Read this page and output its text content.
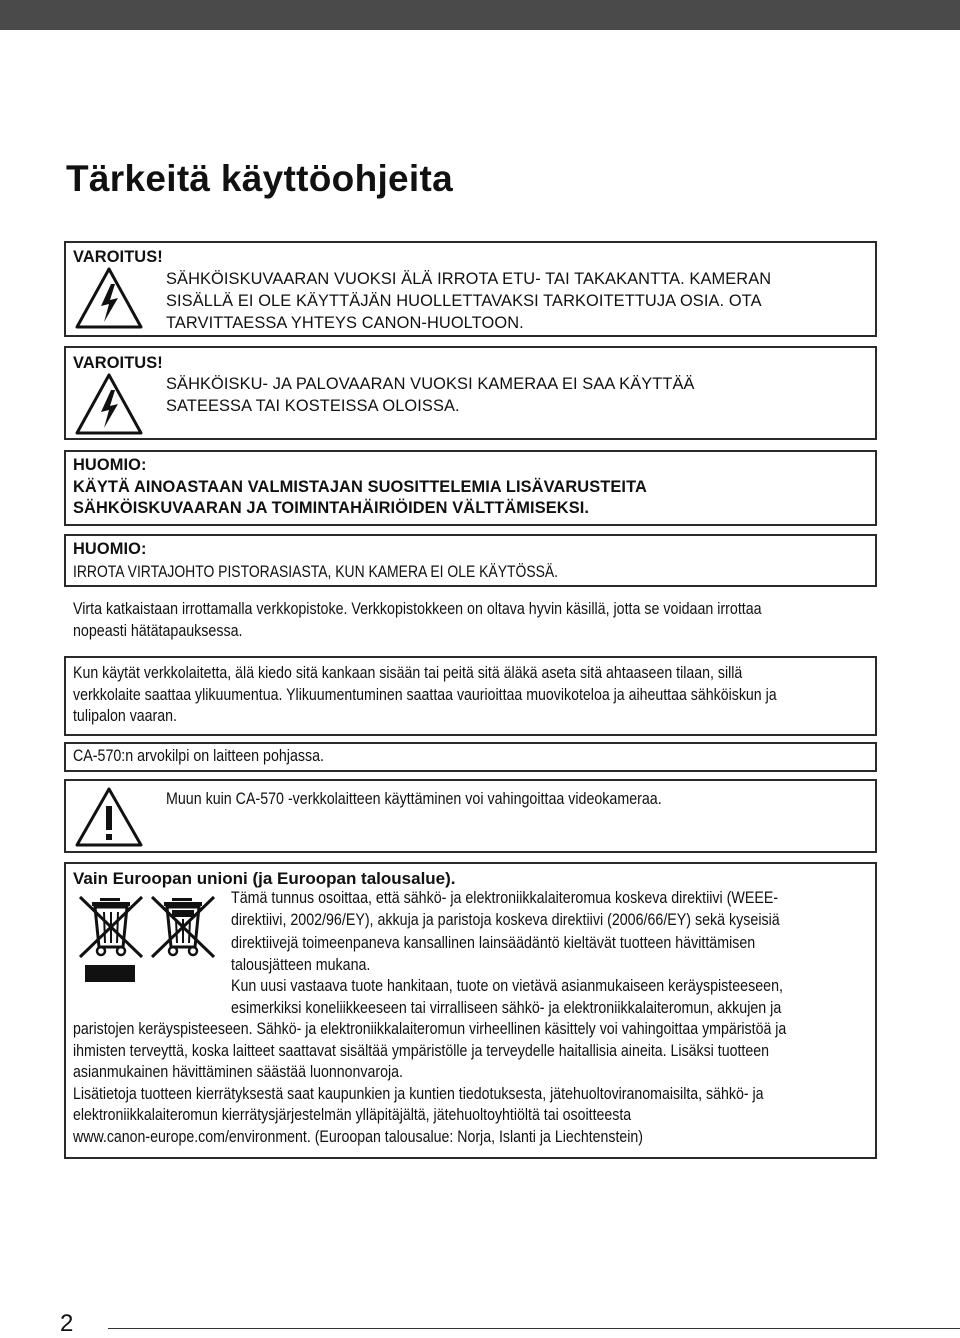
Tärkeitä käyttöohjeita

VAROITUS!

SÄHKÖISKUVAARAN VUOKSI ÄLÄ IRROTA ETU- TAI TAKAKANTTA. KAMERAN

SISÄLLÄ EI OLE KÄYTTÄJÄN HUOLLETTAVAKSI TARKOITETTUJA OSIA. OTA

TARVITTAESSA YHTEYS CANON-HUOLTOON.

VAROITUS!

SÄHKÖISKU- JA PALOVAARAN VUOKSI KAMERAA EI SAA KÄYTTÄÄ

SATEESSA TAI KOSTEISSA OLOISSA.

HUOMIO:

KÄYTÄ AINOASTAAN VALMISTAJAN SUOSITTELEMIA LISÄVARUSTEITA

SÄHKÖISKUVAARAN JA TOIMINTAHÄIRIÖIDEN VÄLTTÄMISEKSI.

HUOMIO:

IRROTA VIRTAJOHTO PISTORASIASTA, KUN KAMERA EI OLE KÄYTÖSSÄ.

Virta katkaistaan irrottamalla verkkopistoke. Verkkopistokkeen on oltava hyvin käsillä, jotta se voidaan irrottaa

nopeasti hätätapauksessa.

Kun käytät verkkolaitetta, älä kiedo sitä kankaan sisään tai peitä sitä äläkä aseta sitä ahtaaseen tilaan, sillä

verkkolaite saattaa ylikuumentua. Ylikuumentuminen saattaa vaurioittaa muovikoteloa ja aiheuttaa sähköiskun ja

tulipalon vaaran.

CA-570:n arvokilpi on laitteen pohjassa.

Muun kuin CA-570 -verkkolaitteen käyttäminen voi vahingoittaa videokameraa.

Vain Euroopan unioni (ja Euroopan talousalue).

Tämä tunnus osoittaa, että sähkö- ja elektroniikkalaiteromua koskeva direktiivi (WEEE-

direktiivi, 2002/96/EY), akkuja ja paristoja koskeva direktiivi (2006/66/EY) sekä kyseisiä

direktiivejä toimeenpaneva kansallinen lainsäädäntö kieltävät tuotteen hävittämisen

talousjätteen mukana.

Kun uusi vastaava tuote hankitaan, tuote on vietävä asianmukaiseen keräyspisteeseen,

esimerkiksi koneliikkeeseen tai virralliseen sähkö- ja elektroniikkalaiteromun, akkujen ja

paristojen keräyspisteeseen. Sähkö- ja elektroniikkalaiteromun virheellinen käsittely voi vahingoittaa ympäristöä ja

ihmisten terveyttä, koska laitteet saattavat sisältää ympäristölle ja terveydelle haitallisia aineita. Lisäksi tuotteen

asianmukainen hävittäminen säästää luonnonvaroja.

Lisätietoja tuotteen kierrätyksestä saat kaupunkien ja kuntien tiedotuksesta, jätehuoltoviranomaisilta, sähkö- ja

elektroniikkalaiteromun kierrätysjärjestelmän ylläpitäjältä, jätehuoltoyhtiöltä tai osoitteesta

www.canon-europe.com/environment. (Euroopan talousalue: Norja, Islanti ja Liechtenstein)

2
